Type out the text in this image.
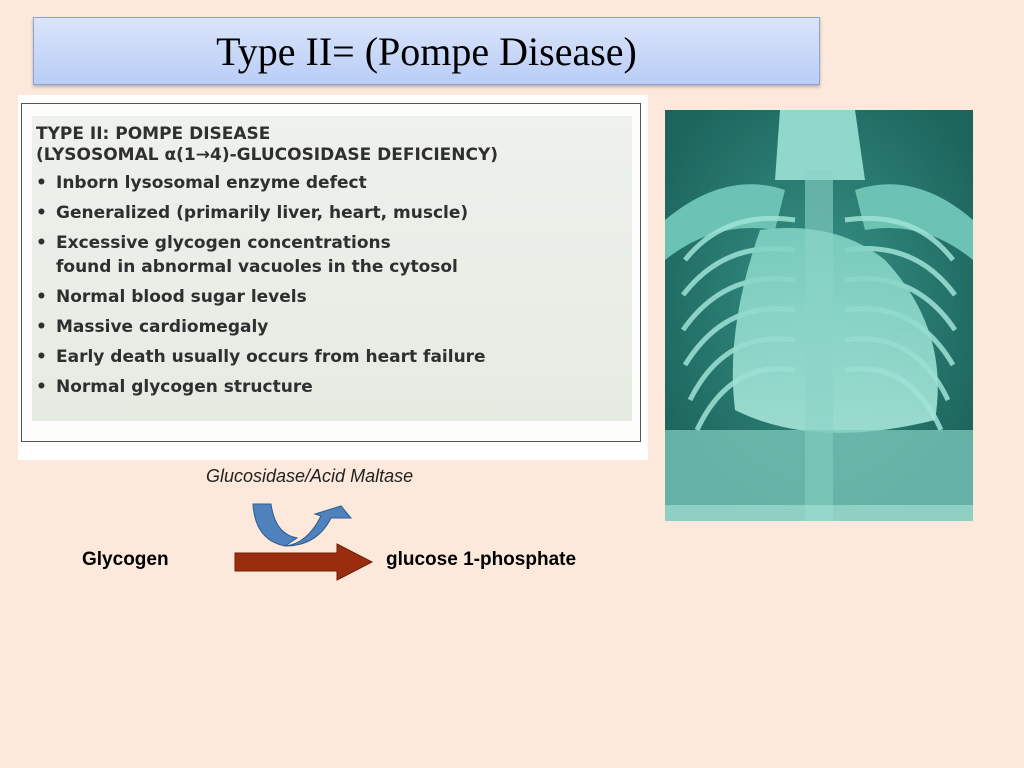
Type II= (Pompe Disease)
TYPE II: POMPE DISEASE
(LYSOSOMAL α(1→4)-GLUCOSIDASE DEFICIENCY)
• Inborn lysosomal enzyme defect
• Generalized (primarily liver, heart, muscle)
• Excessive glycogen concentrations
found in abnormal vacuoles in the cytosol
• Normal blood sugar levels
• Massive cardiomegaly
• Early death usually occurs from heart failure
• Normal glycogen structure
Glucosidase/Acid Maltase
Glycogen	glucose 1-phosphate
